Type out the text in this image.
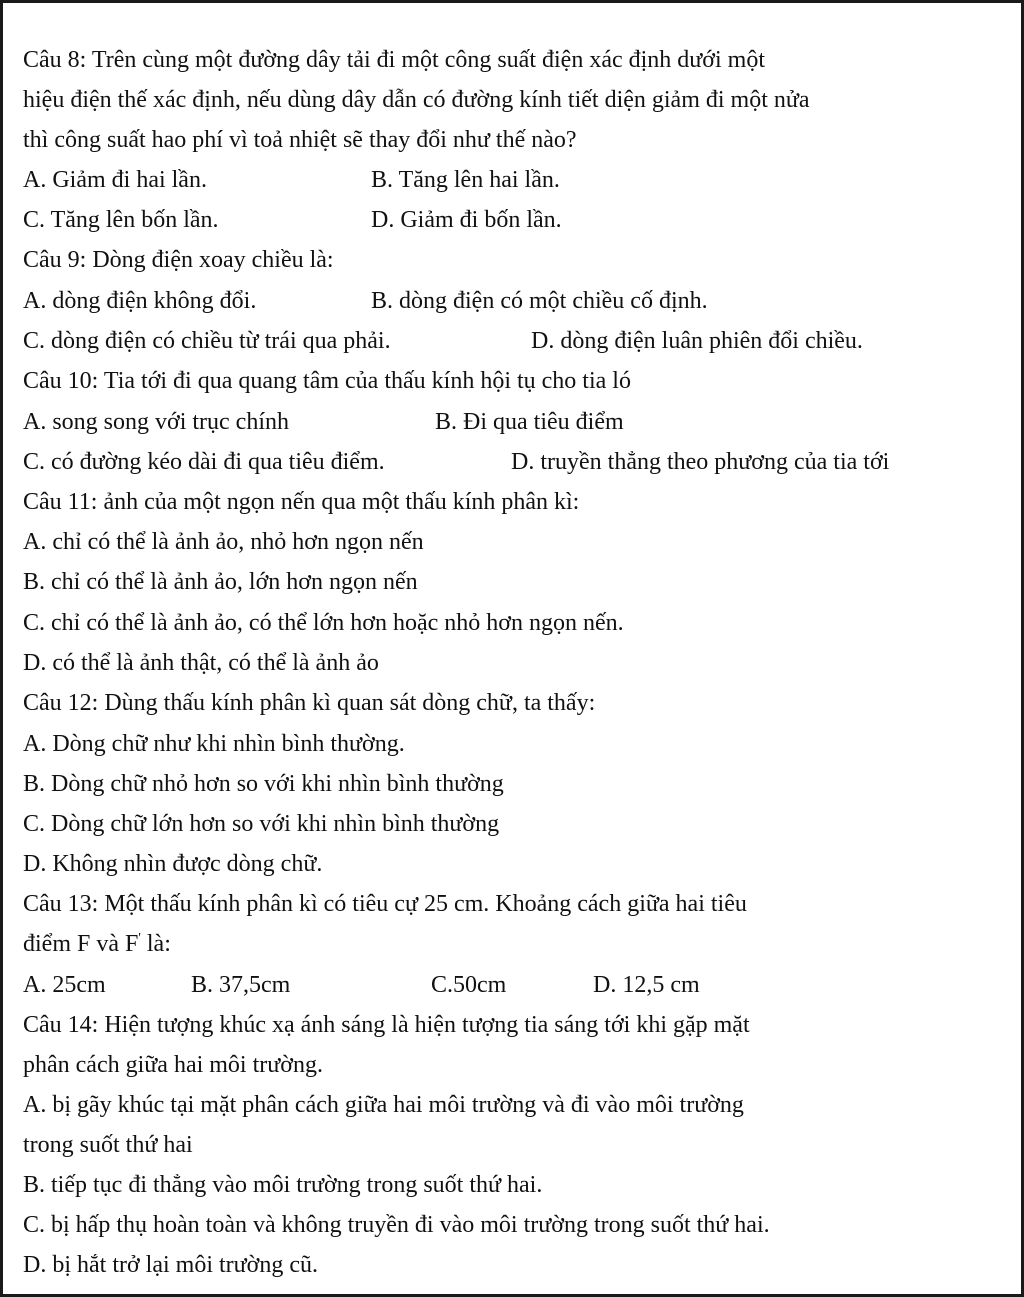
Câu 8: Trên cùng một đường dây tải đi một công suất điện xác định dưới một
hiệu điện thế xác định, nếu dùng dây dẫn có đường kính tiết diện giảm đi một nửa
thì công suất hao phí vì toả nhiệt sẽ thay đổi như thế nào?
A. Giảm đi hai lần.	B. Tăng lên hai lần.
C. Tăng lên bốn lần.	D. Giảm đi bốn lần.
Câu 9: Dòng điện xoay chiều là:
A. dòng điện không đổi.	B. dòng điện có một chiều cố định.
C. dòng điện có chiều từ trái qua phải.	D. dòng điện luân phiên đổi chiều.
Câu 10: Tia tới đi qua quang tâm của thấu kính hội tụ cho tia ló
A. song song với trục chính	B. Đi qua tiêu điểm
C. có đường kéo dài đi qua tiêu điểm.	D. truyền thẳng theo phương của tia tới
Câu 11: ảnh của một ngọn nến qua một thấu kính phân kì:
A. chỉ có thể là ảnh ảo, nhỏ hơn ngọn nến
B. chỉ có thể là ảnh ảo, lớn hơn ngọn nến
C. chỉ có thể là ảnh ảo, có thể lớn hơn hoặc nhỏ hơn ngọn nến.
D. có thể là ảnh thật, có thể là ảnh ảo
Câu 12: Dùng thấu kính phân kì quan sát dòng chữ, ta thấy:
A. Dòng chữ như khi nhìn bình thường.
B. Dòng chữ nhỏ hơn so với khi nhìn bình thường
C. Dòng chữ lớn hơn so với khi nhìn bình thường
D. Không nhìn được dòng chữ.
Câu 13: Một thấu kính phân kì có tiêu cự 25 cm. Khoảng cách giữa hai tiêu
điểm F và F' là:
A. 25cm	B. 37,5cm	C.50cm	D. 12,5 cm
Câu 14: Hiện tượng khúc xạ ánh sáng là hiện tượng tia sáng tới khi gặp mặt
phân cách giữa hai môi trường.
A. bị gãy khúc tại mặt phân cách giữa hai môi trường và đi vào môi trường
trong suốt thứ hai
B. tiếp tục đi thẳng vào môi trường trong suốt thứ hai.
C. bị hấp thụ hoàn toàn và không truyền đi vào môi trường trong suốt thứ hai.
D. bị hắt trở lại môi trường cũ.
